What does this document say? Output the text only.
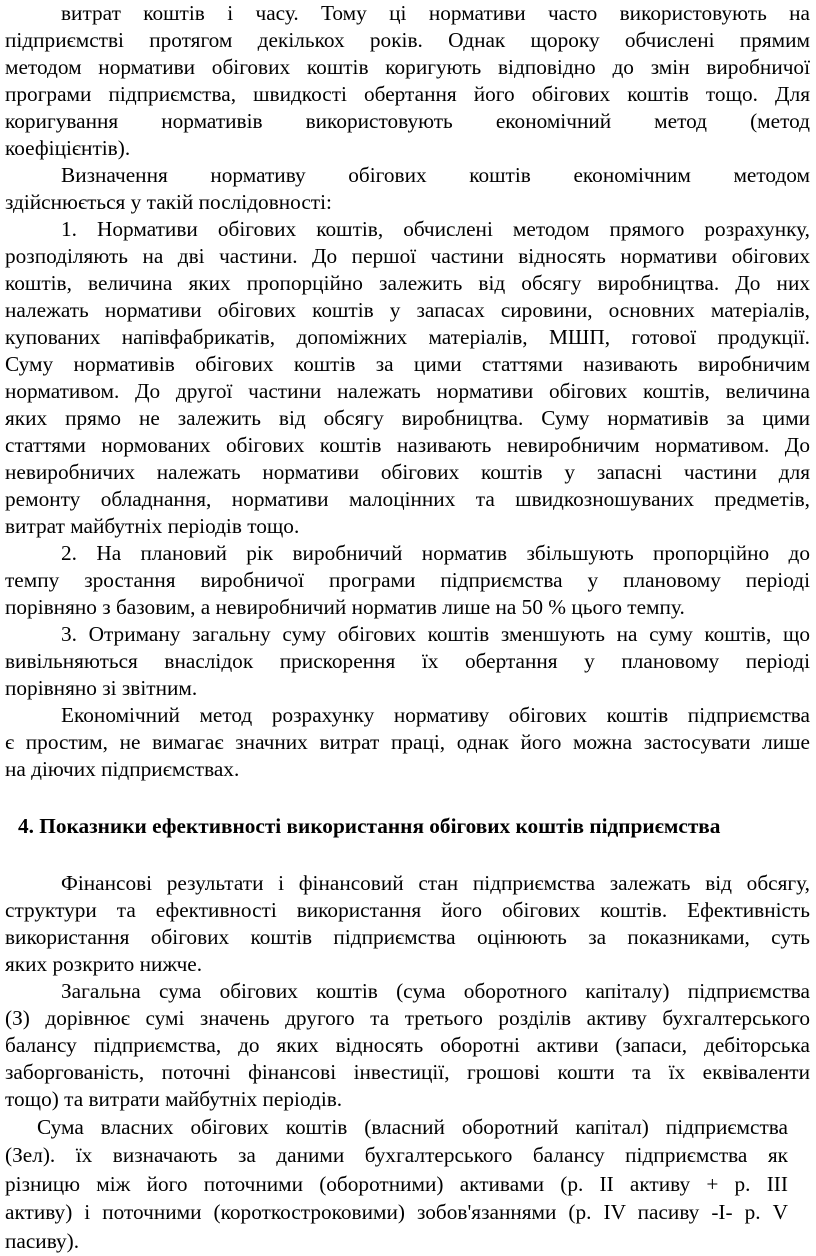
витрат коштів і часу. Тому ці нормативи часто використовують на
підприємстві протягом декількох років. Однак щороку обчислені прямим
методом нормативи обігових коштів коригують відповідно до змін виробничої
програми підприємства, швидкості обертання його обігових коштів тощо. Для
коригування нормативів використовують економічний метод (метод
коефіцієнтів).
Визначення нормативу обігових коштів економічним методом
здійснюється у такій послідовності:
1. Нормативи обігових коштів, обчислені методом прямого розрахунку,
розподіляють на дві частини. До першої частини відносять нормативи обігових
коштів, величина яких пропорційно залежить від обсягу виробництва. До них
належать нормативи обігових коштів у запасах сировини, основних матеріалів,
купованих напівфабрикатів, допоміжних матеріалів, МШП, готової продукції.
Суму нормативів обігових коштів за цими статтями називають виробничим
нормативом. До другої частини належать нормативи обігових коштів, величина
яких прямо не залежить від обсягу виробництва. Суму нормативів за цими
статтями нормованих обігових коштів називають невиробничим нормативом. До
невиробничих належать нормативи обігових коштів у запасні частини для
ремонту обладнання, нормативи малоцінних та швидкозношуваних предметів,
витрат майбутніх періодів тощо.
2. На плановий рік виробничий норматив збільшують пропорційно до
темпу зростання виробничої програми підприємства у плановому періоді
порівняно з базовим, а невиробничий норматив лише на 50 % цього темпу.
3. Отриману загальну суму обігових коштів зменшують на суму коштів, що
вивільняються внаслідок прискорення їх обертання у плановому періоді
порівняно зі звітним.
Економічний метод розрахунку нормативу обігових коштів підприємства
є простим, не вимагає значних витрат праці, однак його можна застосувати лише
на діючих підприємствах.
4. Показники ефективності використання обігових коштів підприємства
Фінансові результати і фінансовий стан підприємства залежать від обсягу,
структури та ефективності використання його обігових коштів. Ефективність
використання обігових коштів підприємства оцінюють за показниками, суть
яких розкрито нижче.
Загальна сума обігових коштів (сума оборотного капіталу) підприємства
(З) дорівнює сумі значень другого та третього розділів активу бухгалтерського
балансу підприємства, до яких відносять оборотні активи (запаси, дебіторська
заборгованість, поточні фінансові інвестиції, грошові кошти та їх еквіваленти
тощо) та витрати майбутніх періодів.
Сума власних обігових коштів (власний оборотний капітал) підприємства
(Зел). їх визначають за даними бухгалтерського балансу підприємства як
різницю між його поточними (оборотними) активами (р. II активу + р. III
активу) і поточними (короткостроковими) зобов'язаннями (р. IV пасиву -І- р. V
пасиву).
